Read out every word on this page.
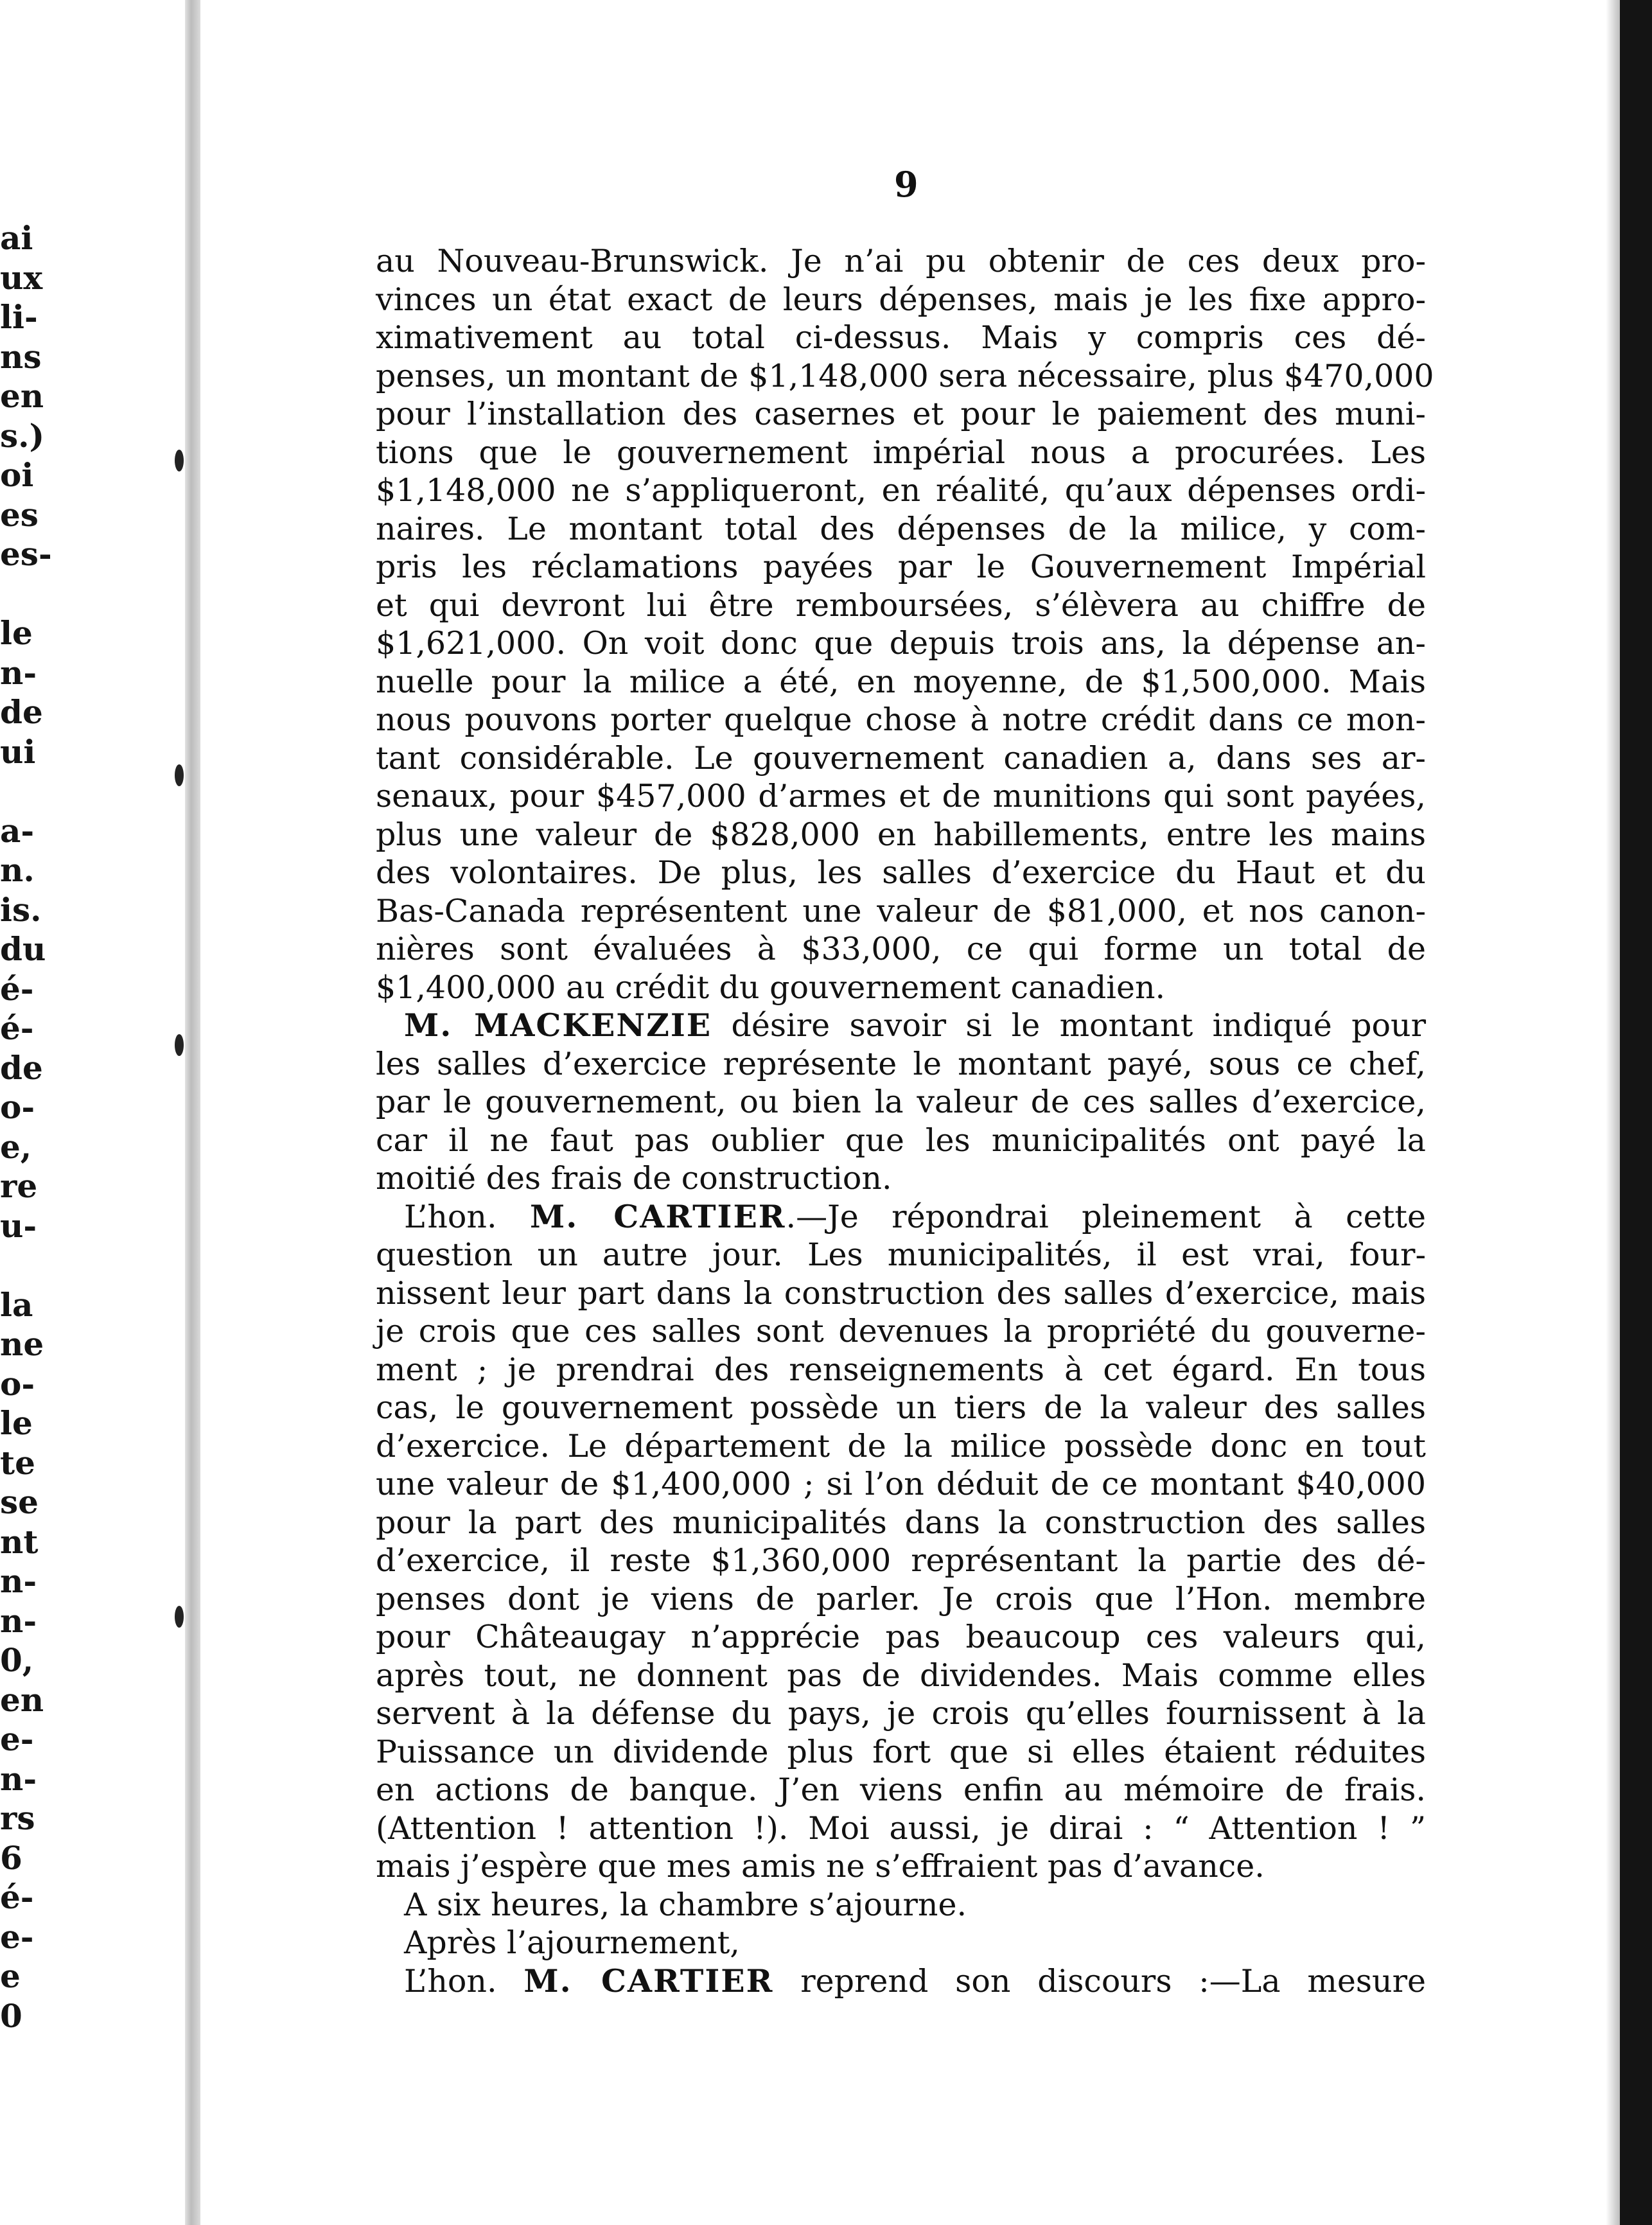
ai
ux
li-
ns
en
s.)
oi
es
es-
le
n-
de
ui
a-
n.
is.
du
é-
é-
de
o-
e,
re
u-
la
ne
o-
le
te
se
nt
n-
n-
0,
en
e-
n-
rs
6
é-
e-
e
0
9
au Nouveau-Brunswick. Je n’ai pu obtenir de ces deux pro-
vinces un état exact de leurs dépenses, mais je les fixe appro-
ximativement au total ci-dessus. Mais y compris ces dé-
penses, un montant de $1,148,000 sera nécessaire, plus $470,000
pour l’installation des casernes et pour le paiement des muni-
tions que le gouvernement impérial nous a procurées. Les
$1,148,000 ne s’appliqueront, en réalité, qu’aux dépenses ordi-
naires. Le montant total des dépenses de la milice, y com-
pris les réclamations payées par le Gouvernement Impérial
et qui devront lui être remboursées, s’élèvera au chiffre de
$1,621,000. On voit donc que depuis trois ans, la dépense an-
nuelle pour la milice a été, en moyenne, de $1,500,000. Mais
nous pouvons porter quelque chose à notre crédit dans ce mon-
tant considérable. Le gouvernement canadien a, dans ses ar-
senaux, pour $457,000 d’armes et de munitions qui sont payées,
plus une valeur de $828,000 en habillements, entre les mains
des volontaires. De plus, les salles d’exercice du Haut et du
Bas-Canada représentent une valeur de $81,000, et nos canon-
nières sont évaluées à $33,000, ce qui forme un total de
$1,400,000 au crédit du gouvernement canadien.
M. MACKENZIE désire savoir si le montant indiqué pour
les salles d’exercice représente le montant payé, sous ce chef,
par le gouvernement, ou bien la valeur de ces salles d’exercice,
car il ne faut pas oublier que les municipalités ont payé la
moitié des frais de construction.
L’hon. M. CARTIER.—Je répondrai pleinement à cette
question un autre jour. Les municipalités, il est vrai, four-
nissent leur part dans la construction des salles d’exercice, mais
je crois que ces salles sont devenues la propriété du gouverne-
ment ; je prendrai des renseignements à cet égard. En tous
cas, le gouvernement possède un tiers de la valeur des salles
d’exercice. Le département de la milice possède donc en tout
une valeur de $1,400,000 ; si l’on déduit de ce montant $40,000
pour la part des municipalités dans la construction des salles
d’exercice, il reste $1,360,000 représentant la partie des dé-
penses dont je viens de parler. Je crois que l’Hon. membre
pour Châteaugay n’apprécie pas beaucoup ces valeurs qui,
après tout, ne donnent pas de dividendes. Mais comme elles
servent à la défense du pays, je crois qu’elles fournissent à la
Puissance un dividende plus fort que si elles étaient réduites
en actions de banque. J’en viens enfin au mémoire de frais.
(Attention ! attention !). Moi aussi, je dirai : “ Attention ! ”
mais j’espère que mes amis ne s’effraient pas d’avance.
A six heures, la chambre s’ajourne.
Après l’ajournement,
L’hon. M. CARTIER reprend son discours :—La mesure
